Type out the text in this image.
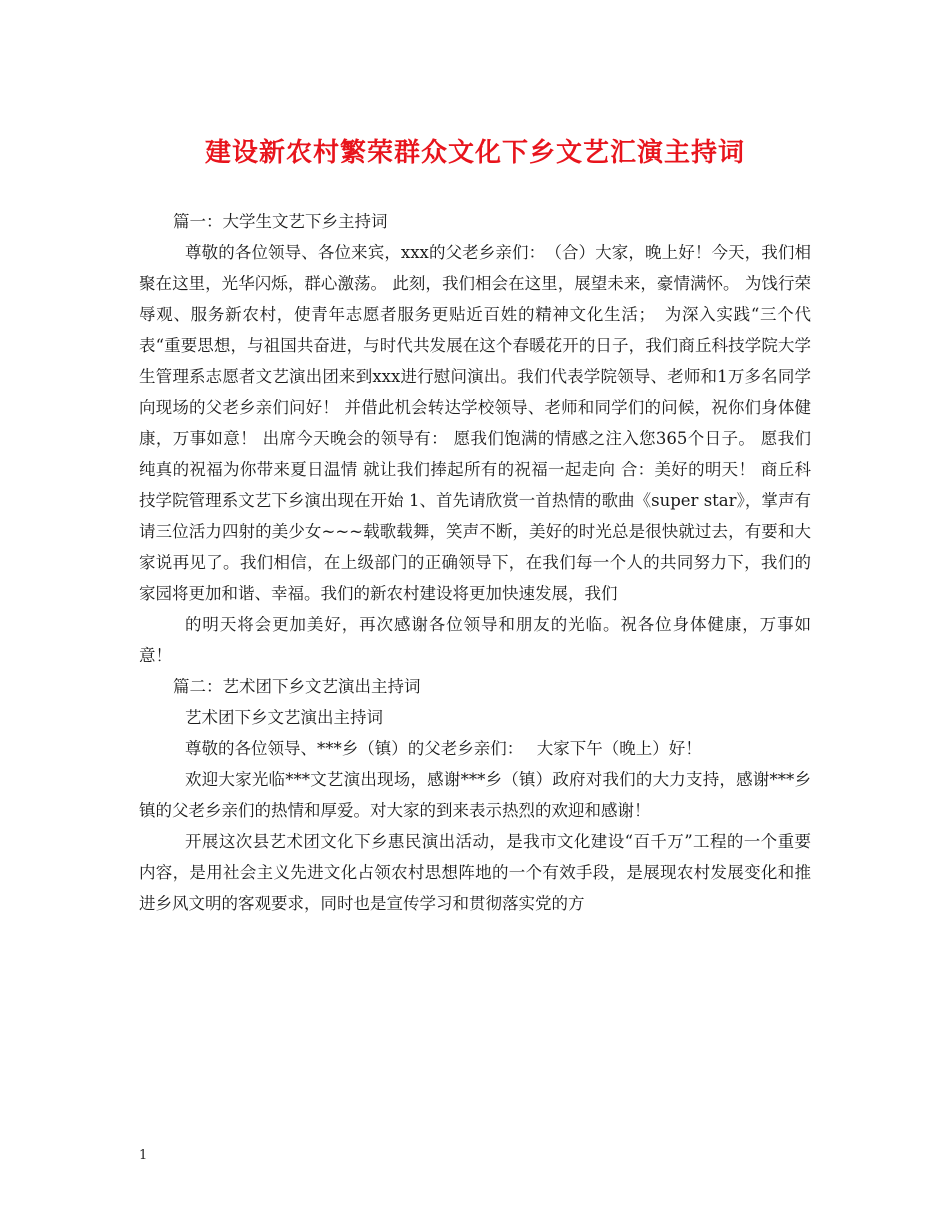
建设新农村繁荣群众文化下乡文艺汇演主持词

篇一：大学生文艺下乡主持词

尊敬的各位领导、各位来宾，xxx的父老乡亲们：　（合）大家，晚上好！今天，我们相聚在这里，光华闪烁，群心激荡。 此刻，我们相会在这里，展望未来，豪情满怀。 为饯行荣辱观、服务新农村，使青年志愿者服务更贴近百姓的精神文化生活；　为深入实践“三个代表“重要思想，与祖国共奋进，与时代共发展在这个春暖花开的日子，我们商丘科技学院大学生管理系志愿者文艺演出团来到xxx进行慰问演出。我们代表学院领导、老师和1万多名同学向现场的父老乡亲们问好！ 并借此机会转达学校领导、老师和同学们的问候，祝你们身体健康，万事如意！ 出席今天晚会的领导有： 愿我们饱满的情感之注入您365个日子。 愿我们纯真的祝福为你带来夏日温情 就让我们捧起所有的祝福一起走向 合：美好的明天！ 商丘科技学院管理系文艺下乡演出现在开始 1、首先请欣赏一首热情的歌曲《super star》，掌声有请三位活力四射的美少女~~~载歌载舞，笑声不断，美好的时光总是很快就过去，有要和大家说再见了。我们相信，在上级部门的正确领导下，在我们每一个人的共同努力下，我们的家园将更加和谐、幸福。我们的新农村建设将更加快速发展，我们

的明天将会更加美好，再次感谢各位领导和朋友的光临。祝各位身体健康，万事如意！

篇二：艺术团下乡文艺演出主持词

艺术团下乡文艺演出主持词

尊敬的各位领导、***乡（镇）的父老乡亲们：　 大家下午（晚上）好！

欢迎大家光临***文艺演出现场，感谢***乡（镇）政府对我们的大力支持，感谢***乡镇的父老乡亲们的热情和厚爱。对大家的到来表示热烈的欢迎和感谢！

开展这次县艺术团文化下乡惠民演出活动，是我市文化建设“百千万”工程的一个重要内容，是用社会主义先进文化占领农村思想阵地的一个有效手段，是展现农村发展变化和推进乡风文明的客观要求，同时也是宣传学习和贯彻落实党的方

1
